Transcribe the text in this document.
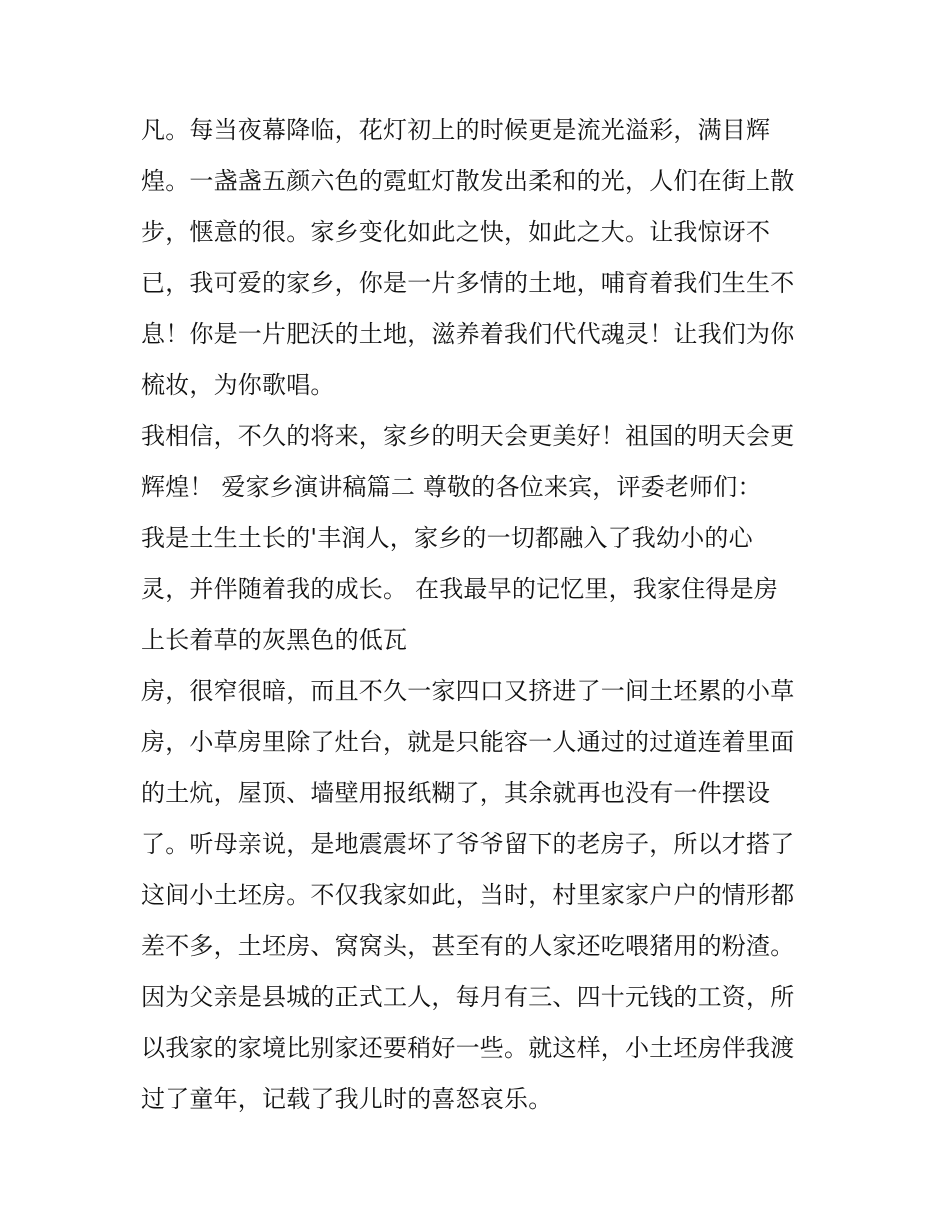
凡。每当夜幕降临，花灯初上的时候更是流光溢彩，满目辉
煌。一盏盏五颜六色的霓虹灯散发出柔和的光，人们在街上散
步，惬意的很。家乡变化如此之快，如此之大。让我惊讶不
已，我可爱的家乡，你是一片多情的土地，哺育着我们生生不
息！你是一片肥沃的土地，滋养着我们代代魂灵！让我们为你
梳妆，为你歌唱。
我相信，不久的将来，家乡的明天会更美好！祖国的明天会更
辉煌！ 爱家乡演讲稿篇二 尊敬的各位来宾，评委老师们：
我是土生土长的'丰润人，家乡的一切都融入了我幼小的心
灵，并伴随着我的成长。 在我最早的记忆里，我家住得是房
上长着草的灰黑色的低瓦
房，很窄很暗，而且不久一家四口又挤进了一间土坯累的小草
房，小草房里除了灶台，就是只能容一人通过的过道连着里面
的土炕，屋顶、墙壁用报纸糊了，其余就再也没有一件摆设
了。听母亲说，是地震震坏了爷爷留下的老房子，所以才搭了
这间小土坯房。不仅我家如此，当时，村里家家户户的情形都
差不多，土坯房、窝窝头，甚至有的人家还吃喂猪用的粉渣。
因为父亲是县城的正式工人，每月有三、四十元钱的工资，所
以我家的家境比别家还要稍好一些。就这样，小土坯房伴我渡
过了童年，记载了我儿时的喜怒哀乐。
